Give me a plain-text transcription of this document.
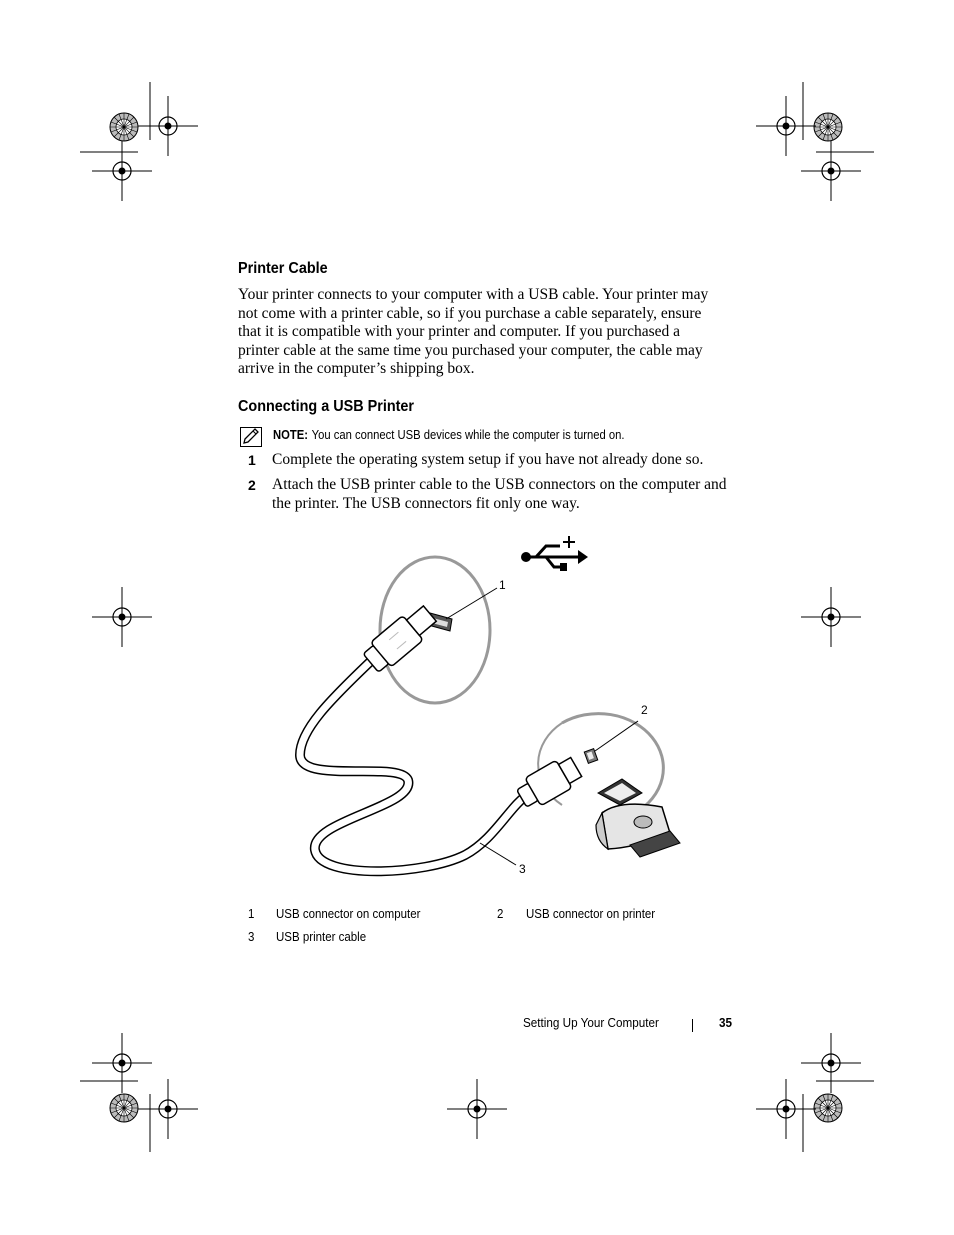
Printer Cable

Your printer connects to your computer with a USB cable. Your printer may
not come with a printer cable, so if you purchase a cable separately, ensure
that it is compatible with your printer and computer. If you purchased a
printer cable at the same time you purchased your computer, the cable may
arrive in the computer’s shipping box.

Connecting a USB Printer
NOTE: You can connect USB devices while the computer is turned on.
1 Complete the operating system setup if you have not already done so.
2 Attach the USB printer cable to the USB connectors on the computer and
the printer. The USB connectors fit only one way.
1
2
3
1 USB connector on computer	2 USB connector on printer
3 USB printer cable
Setting Up Your Computer	35
